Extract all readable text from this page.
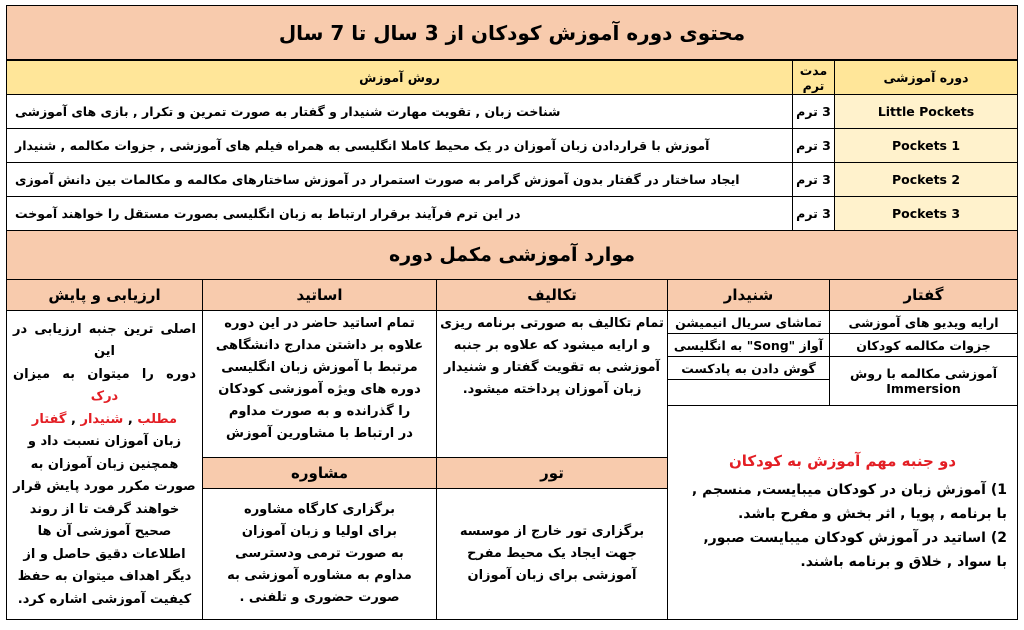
محتوی دوره آموزش کودکان از 3 سال تا 7 سال
دوره آموزشی
مدت ترم
روش آموزش
Little Pockets
3 ترم
شناخت زبان , تقویت مهارت شنیدار و گفتار به صورت تمرین و تکرار , بازی های آموزشی
Pockets 1
3 ترم
آموزش با قراردادن زبان آموزان در یک محیط کاملا انگلیسی به همراه فیلم های آموزشی , جزوات مکالمه , شنیدار
Pockets 2
3 ترم
ایجاد ساختار در گفتار بدون آموزش گرامر به صورت استمرار در آموزش ساختارهای مکالمه و مکالمات بین دانش آموزی
Pockets 3
3 ترم
در این ترم فرآیند برقرار ارتباط به زبان انگلیسی بصورت مستقل را خواهند آموخت
موارد آموزشی مکمل دوره
گفتار
شنیدار
تکالیف
اساتید
ارزیابی و پایش
ارایه ویدیو های آموزشی
جزوات مکالمه کودکان
آموزشی مکالمه با روش
Immersion
تماشای سریال انیمیشن
آواز "Song" به انگلیسی
گوش دادن به پادکست
تمام تکالیف به صورتی برنامه ریزی
و ارایه میشود که علاوه بر جنبه
آموزشی به تقویت گفتار و شنیدار
زبان آموزان پرداخته میشود.
تمام اساتید حاضر در این دوره
علاوه بر داشتن مدارج دانشگاهی
مرتبط با آموزش زبان انگلیسی
دوره های ویژه آموزشی کودکان
را گذرانده و به صورت مداوم
در ارتباط با مشاورین آموزش
اصلی ترین جنبه ارزیابی در این
دوره را میتوان به میزان درک
مطلب , شنیدار , گفتار
زبان آموزان نسبت داد و
همچنین زبان آموزان به
صورت مکرر مورد پایش قرار
خواهند گرفت تا از روند
صحیح آموزشی آن ها
اطلاعات دقیق حاصل و از
دیگر اهداف میتوان به حفظ
کیفیت آموزشی اشاره کرد.
دو جنبه مهم آموزش به کودکان
1) آموزش زبان در کودکان میبایست, منسجم ,
با برنامه , پویا , اثر بخش و مفرح باشد.
2) اساتید در آموزش کودکان میبایست صبور,
با سواد , خلاق و برنامه باشند.
تور
برگزاری تور خارج از موسسه
جهت ایجاد یک محیط مفرح
آموزشی برای زبان آموزان
مشاوره
برگزاری کارگاه مشاوره
برای اولیا و زبان آموزان
به صورت ترمی ودسترسی
مداوم به مشاوره آموزشی به
صورت حضوری و تلفنی .
